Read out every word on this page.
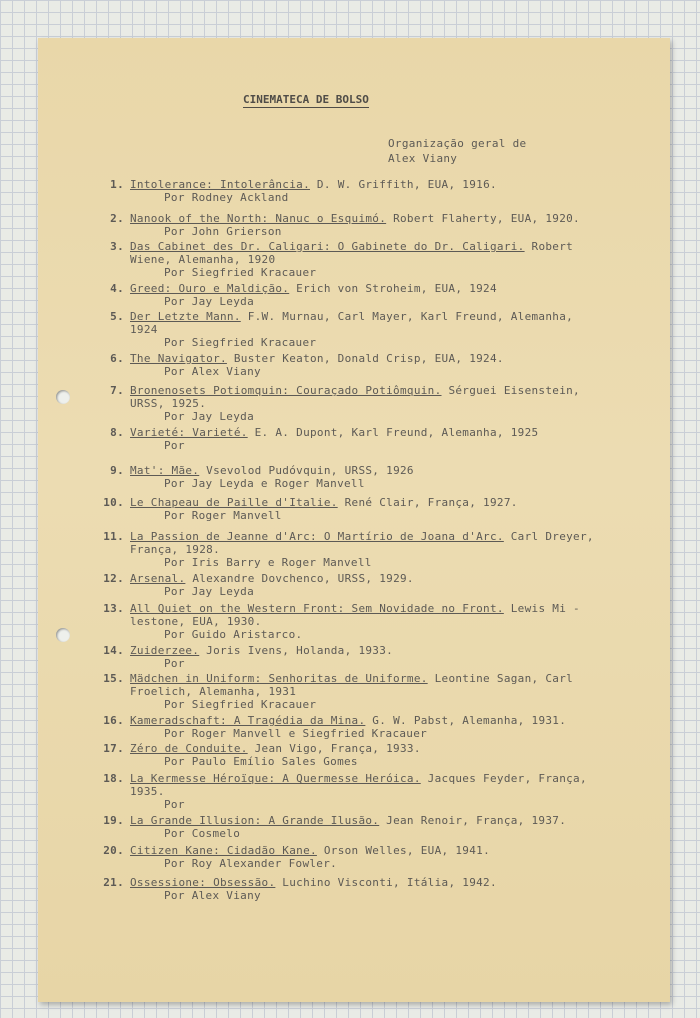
CINEMATECA DE BOLSO
Organização geral de
Alex Viany
1. Intolerance: Intolerância. D. W. Griffith, EUA, 1916.
Por Rodney Ackland
2. Nanook of the North: Nanuc o Esquimó. Robert Flaherty, EUA, 1920.
Por John Grierson
3. Das Cabinet des Dr. Caligari: O Gabinete do Dr. Caligari. Robert
Wiene, Alemanha, 1920
Por Siegfried Kracauer
4. Greed: Ouro e Maldição. Erich von Stroheim, EUA, 1924
Por Jay Leyda
5. Der Letzte Mann. F.W. Murnau, Carl Mayer, Karl Freund, Alemanha,
1924
Por Siegfried Kracauer
6. The Navigator. Buster Keaton, Donald Crisp, EUA, 1924.
Por Alex Viany
7. Bronenosets Potiomquin: Couraçado Potiômquin. Sérguei Eisenstein,
URSS, 1925.
Por Jay Leyda
8. Varieté: Varieté. E. A. Dupont, Karl Freund, Alemanha, 1925
Por
9. Mat': Mãe. Vsevolod Pudóvquin, URSS, 1926
Por Jay Leyda e Roger Manvell
10. Le Chapeau de Paille d'Italie. René Clair, França, 1927.
Por Roger Manvell
11. La Passion de Jeanne d'Arc: O Martírio de Joana d'Arc. Carl Dreyer,
França, 1928.
Por Iris Barry e Roger Manvell
12. Arsenal. Alexandre Dovchenco, URSS, 1929.
Por Jay Leyda
13. All Quiet on the Western Front: Sem Novidade no Front. Lewis Mi -
lestone, EUA, 1930.
Por Guido Aristarco.
14. Zuiderzee. Joris Ivens, Holanda, 1933.
Por
15. Mädchen in Uniform: Senhoritas de Uniforme. Leontine Sagan, Carl
Froelich, Alemanha, 1931
Por Siegfried Kracauer
16. Kameradschaft: A Tragédia da Mina. G. W. Pabst, Alemanha, 1931.
Por Roger Manvell e Siegfried Kracauer
17. Zéro de Conduite. Jean Vigo, França, 1933.
Por Paulo Emílio Sales Gomes
18. La Kermesse Héroïque: A Quermesse Heróica. Jacques Feyder, França,
1935.
Por
19. La Grande Illusion: A Grande Ilusão. Jean Renoir, França, 1937.
Por Cosmelo
20. Citizen Kane: Cidadão Kane. Orson Welles, EUA, 1941.
Por Roy Alexander Fowler.
21. Ossessione: Obsessão. Luchino Visconti, Itália, 1942.
Por Alex Viany
